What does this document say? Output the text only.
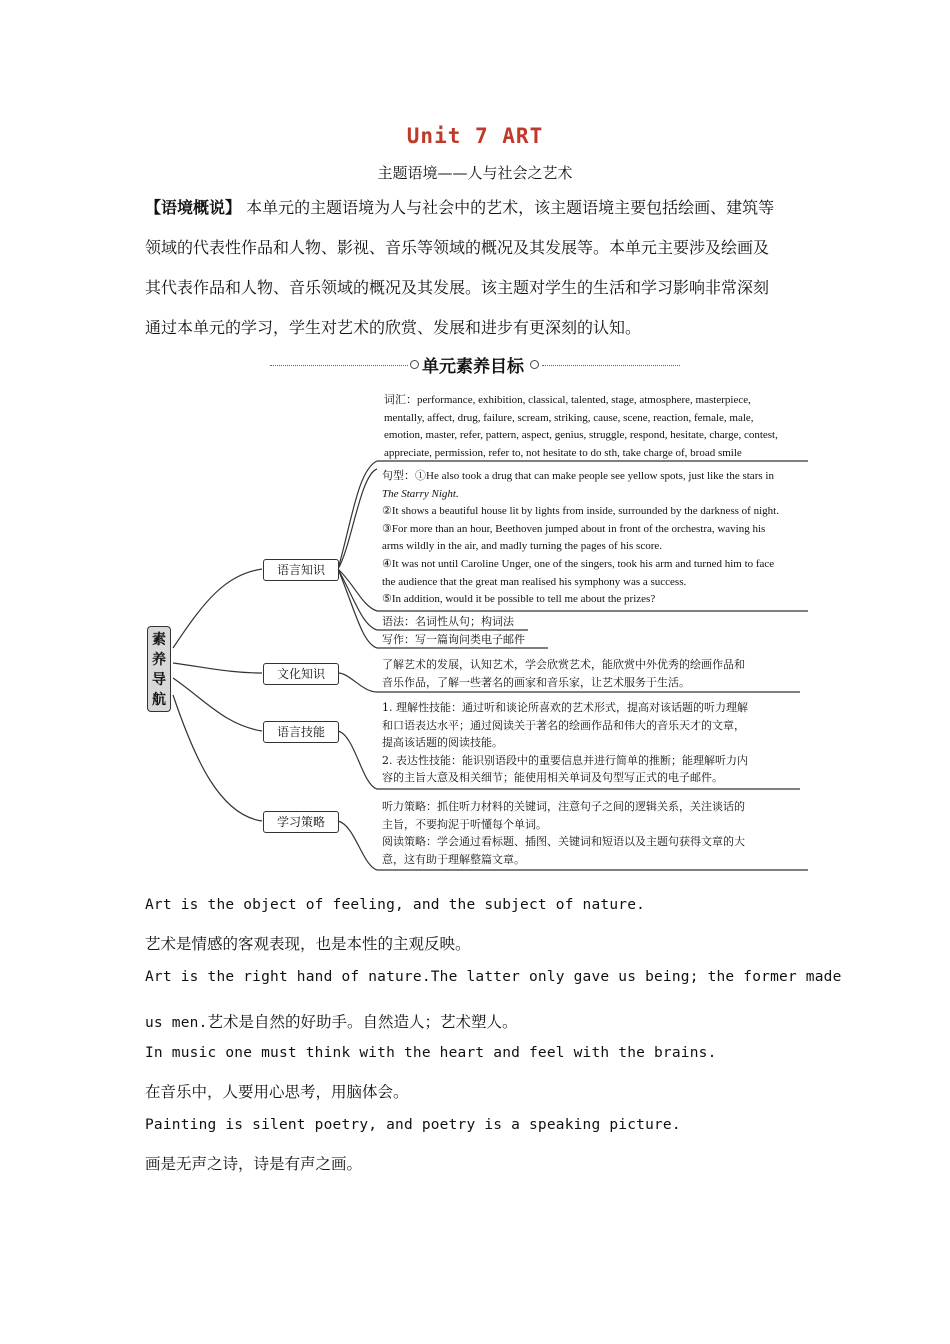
Unit 7 ART
主题语境——人与社会之艺术
【语境概说】 本单元的主题语境为人与社会中的艺术，该主题语境主要包括绘画、建筑等
领域的代表性作品和人物、影视、音乐等领域的概况及其发展等。本单元主要涉及绘画及
其代表作品和人物、音乐领域的概况及其发展。该主题对学生的生活和学习影响非常深刻
通过本单元的学习，学生对艺术的欣赏、发展和进步有更深刻的认知。
单元素养目标
素
养
导
航
语言知识
文化知识
语言技能
学习策略
词汇：performance, exhibition, classical, talented, stage, atmosphere, masterpiece,
mentally, affect, drug, failure, scream, striking, cause, scene, reaction, female, male,
emotion, master, refer, pattern, aspect, genius, struggle, respond, hesitate, charge, contest,
appreciate, permission, refer to, not hesitate to do sth, take charge of, broad smile
句型：①He also took a drug that can make people see yellow spots, just like the stars in
The Starry Night.
②It shows a beautiful house lit by lights from inside, surrounded by the darkness of night.
③For more than an hour, Beethoven jumped about in front of the orchestra, waving his
arms wildly in the air, and madly turning the pages of his score.
④It was not until Caroline Unger, one of the singers, took his arm and turned him to face
the audience that the great man realised his symphony was a success.
⑤In addition, would it be possible to tell me about the prizes?
语法：名词性从句；构词法
写作：写一篇询问类电子邮件
了解艺术的发展，认知艺术，学会欣赏艺术，能欣赏中外优秀的绘画作品和
音乐作品，了解一些著名的画家和音乐家，让艺术服务于生活。
1. 理解性技能：通过听和谈论所喜欢的艺术形式，提高对该话题的听力理解
和口语表达水平；通过阅读关于著名的绘画作品和伟大的音乐天才的文章，
提高该话题的阅读技能。
2. 表达性技能：能识别语段中的重要信息并进行简单的推断；能理解听力内
容的主旨大意及相关细节；能使用相关单词及句型写正式的电子邮件。
听力策略：抓住听力材料的关键词，注意句子之间的逻辑关系，关注谈话的
主旨，不要拘泥于听懂每个单词。
阅读策略：学会通过看标题、插图、关键词和短语以及主题句获得文章的大
意，这有助于理解整篇文章。
Art is the object of feeling, and the subject of nature.
艺术是情感的客观表现，也是本性的主观反映。
Art is the right hand of nature.The latter only gave us being; the former made
us men.艺术是自然的好助手。自然造人；艺术塑人。
In music one must think with the heart and feel with the brains.
在音乐中，人要用心思考，用脑体会。
Painting is silent poetry, and poetry is a speaking picture.
画是无声之诗，诗是有声之画。
